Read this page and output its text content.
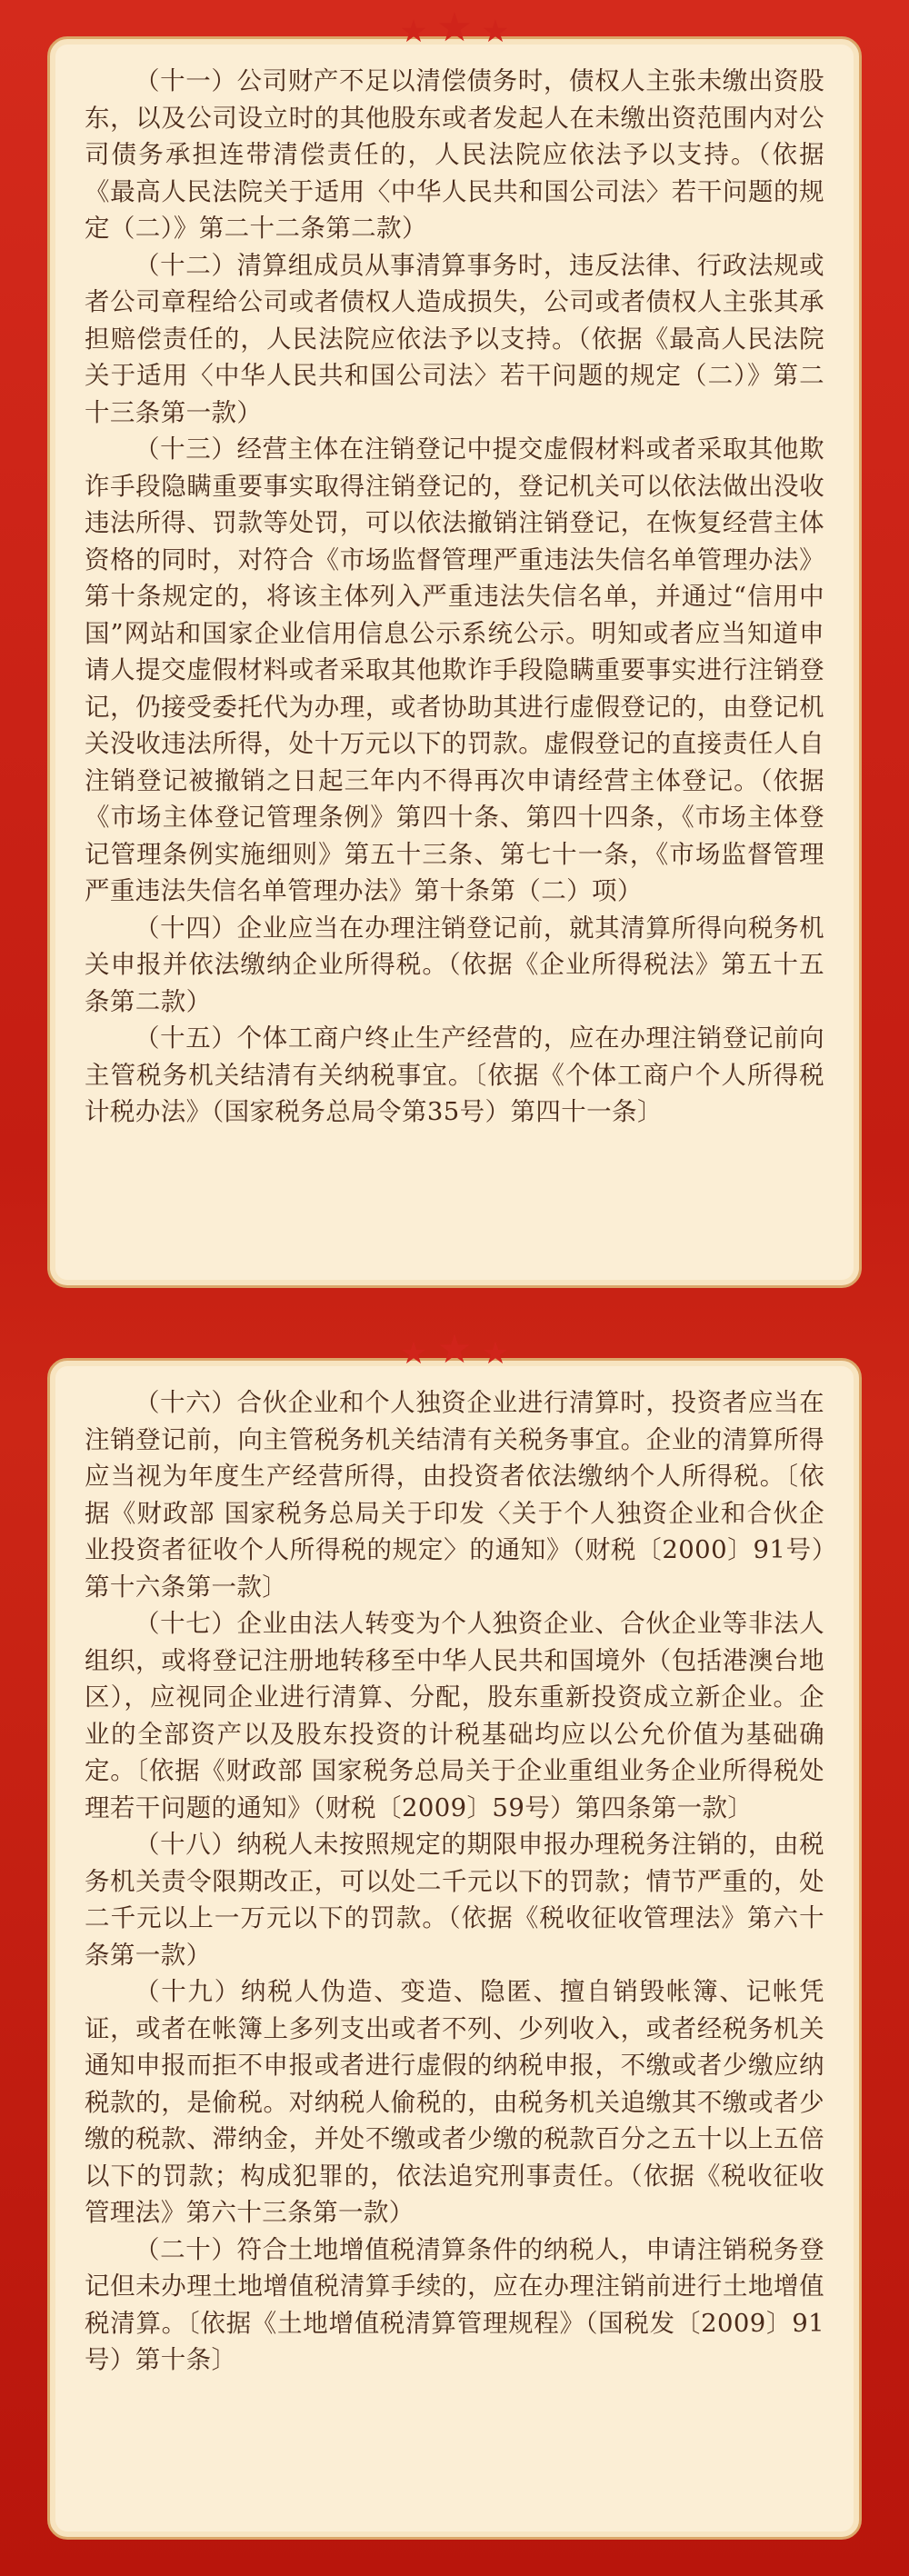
★ ★ ★

（十一）公司财产不足以清偿债务时，债权人主张未缴出资股东，以及公司设立时的其他股东或者发起人在未缴出资范围内对公司债务承担连带清偿责任的，人民法院应依法予以支持。（依据《最高人民法院关于适用〈中华人民共和国公司法〉若干问题的规定（二）》第二十二条第二款）

（十二）清算组成员从事清算事务时，违反法律、行政法规或者公司章程给公司或者债权人造成损失，公司或者债权人主张其承担赔偿责任的，人民法院应依法予以支持。（依据《最高人民法院关于适用〈中华人民共和国公司法〉若干问题的规定（二）》第二十三条第一款）

（十三）经营主体在注销登记中提交虚假材料或者采取其他欺诈手段隐瞒重要事实取得注销登记的，登记机关可以依法做出没收违法所得、罚款等处罚，可以依法撤销注销登记，在恢复经营主体资格的同时，对符合《市场监督管理严重违法失信名单管理办法》第十条规定的，将该主体列入严重违法失信名单，并通过“信用中国”网站和国家企业信用信息公示系统公示。明知或者应当知道申请人提交虚假材料或者采取其他欺诈手段隐瞒重要事实进行注销登记，仍接受委托代为办理，或者协助其进行虚假登记的，由登记机关没收违法所得，处十万元以下的罚款。虚假登记的直接责任人自注销登记被撤销之日起三年内不得再次申请经营主体登记。（依据《市场主体登记管理条例》第四十条、第四十四条，《市场主体登记管理条例实施细则》第五十三条、第七十一条，《市场监督管理严重违法失信名单管理办法》第十条第（二）项）

（十四）企业应当在办理注销登记前，就其清算所得向税务机关申报并依法缴纳企业所得税。（依据《企业所得税法》第五十五条第二款）

（十五）个体工商户终止生产经营的，应在办理注销登记前向主管税务机关结清有关纳税事宜。〔依据《个体工商户个人所得税计税办法》（国家税务总局令第35号）第四十一条〕

★ ★ ★

（十六）合伙企业和个人独资企业进行清算时，投资者应当在注销登记前，向主管税务机关结清有关税务事宜。企业的清算所得应当视为年度生产经营所得，由投资者依法缴纳个人所得税。〔依据《财政部 国家税务总局关于印发〈关于个人独资企业和合伙企业投资者征收个人所得税的规定〉的通知》（财税〔2000〕91号）第十六条第一款〕

（十七）企业由法人转变为个人独资企业、合伙企业等非法人组织，或将登记注册地转移至中华人民共和国境外（包括港澳台地区），应视同企业进行清算、分配，股东重新投资成立新企业。企业的全部资产以及股东投资的计税基础均应以公允价值为基础确定。〔依据《财政部 国家税务总局关于企业重组业务企业所得税处理若干问题的通知》（财税〔2009〕59号）第四条第一款〕

（十八）纳税人未按照规定的期限申报办理税务注销的，由税务机关责令限期改正，可以处二千元以下的罚款；情节严重的，处二千元以上一万元以下的罚款。（依据《税收征收管理法》第六十条第一款）

（十九）纳税人伪造、变造、隐匿、擅自销毁帐簿、记帐凭证，或者在帐簿上多列支出或者不列、少列收入，或者经税务机关通知申报而拒不申报或者进行虚假的纳税申报，不缴或者少缴应纳税款的，是偷税。对纳税人偷税的，由税务机关追缴其不缴或者少缴的税款、滞纳金，并处不缴或者少缴的税款百分之五十以上五倍以下的罚款；构成犯罪的，依法追究刑事责任。（依据《税收征收管理法》第六十三条第一款）

（二十）符合土地增值税清算条件的纳税人，申请注销税务登记但未办理土地增值税清算手续的，应在办理注销前进行土地增值税清算。〔依据《土地增值税清算管理规程》（国税发〔2009〕91号）第十条〕
